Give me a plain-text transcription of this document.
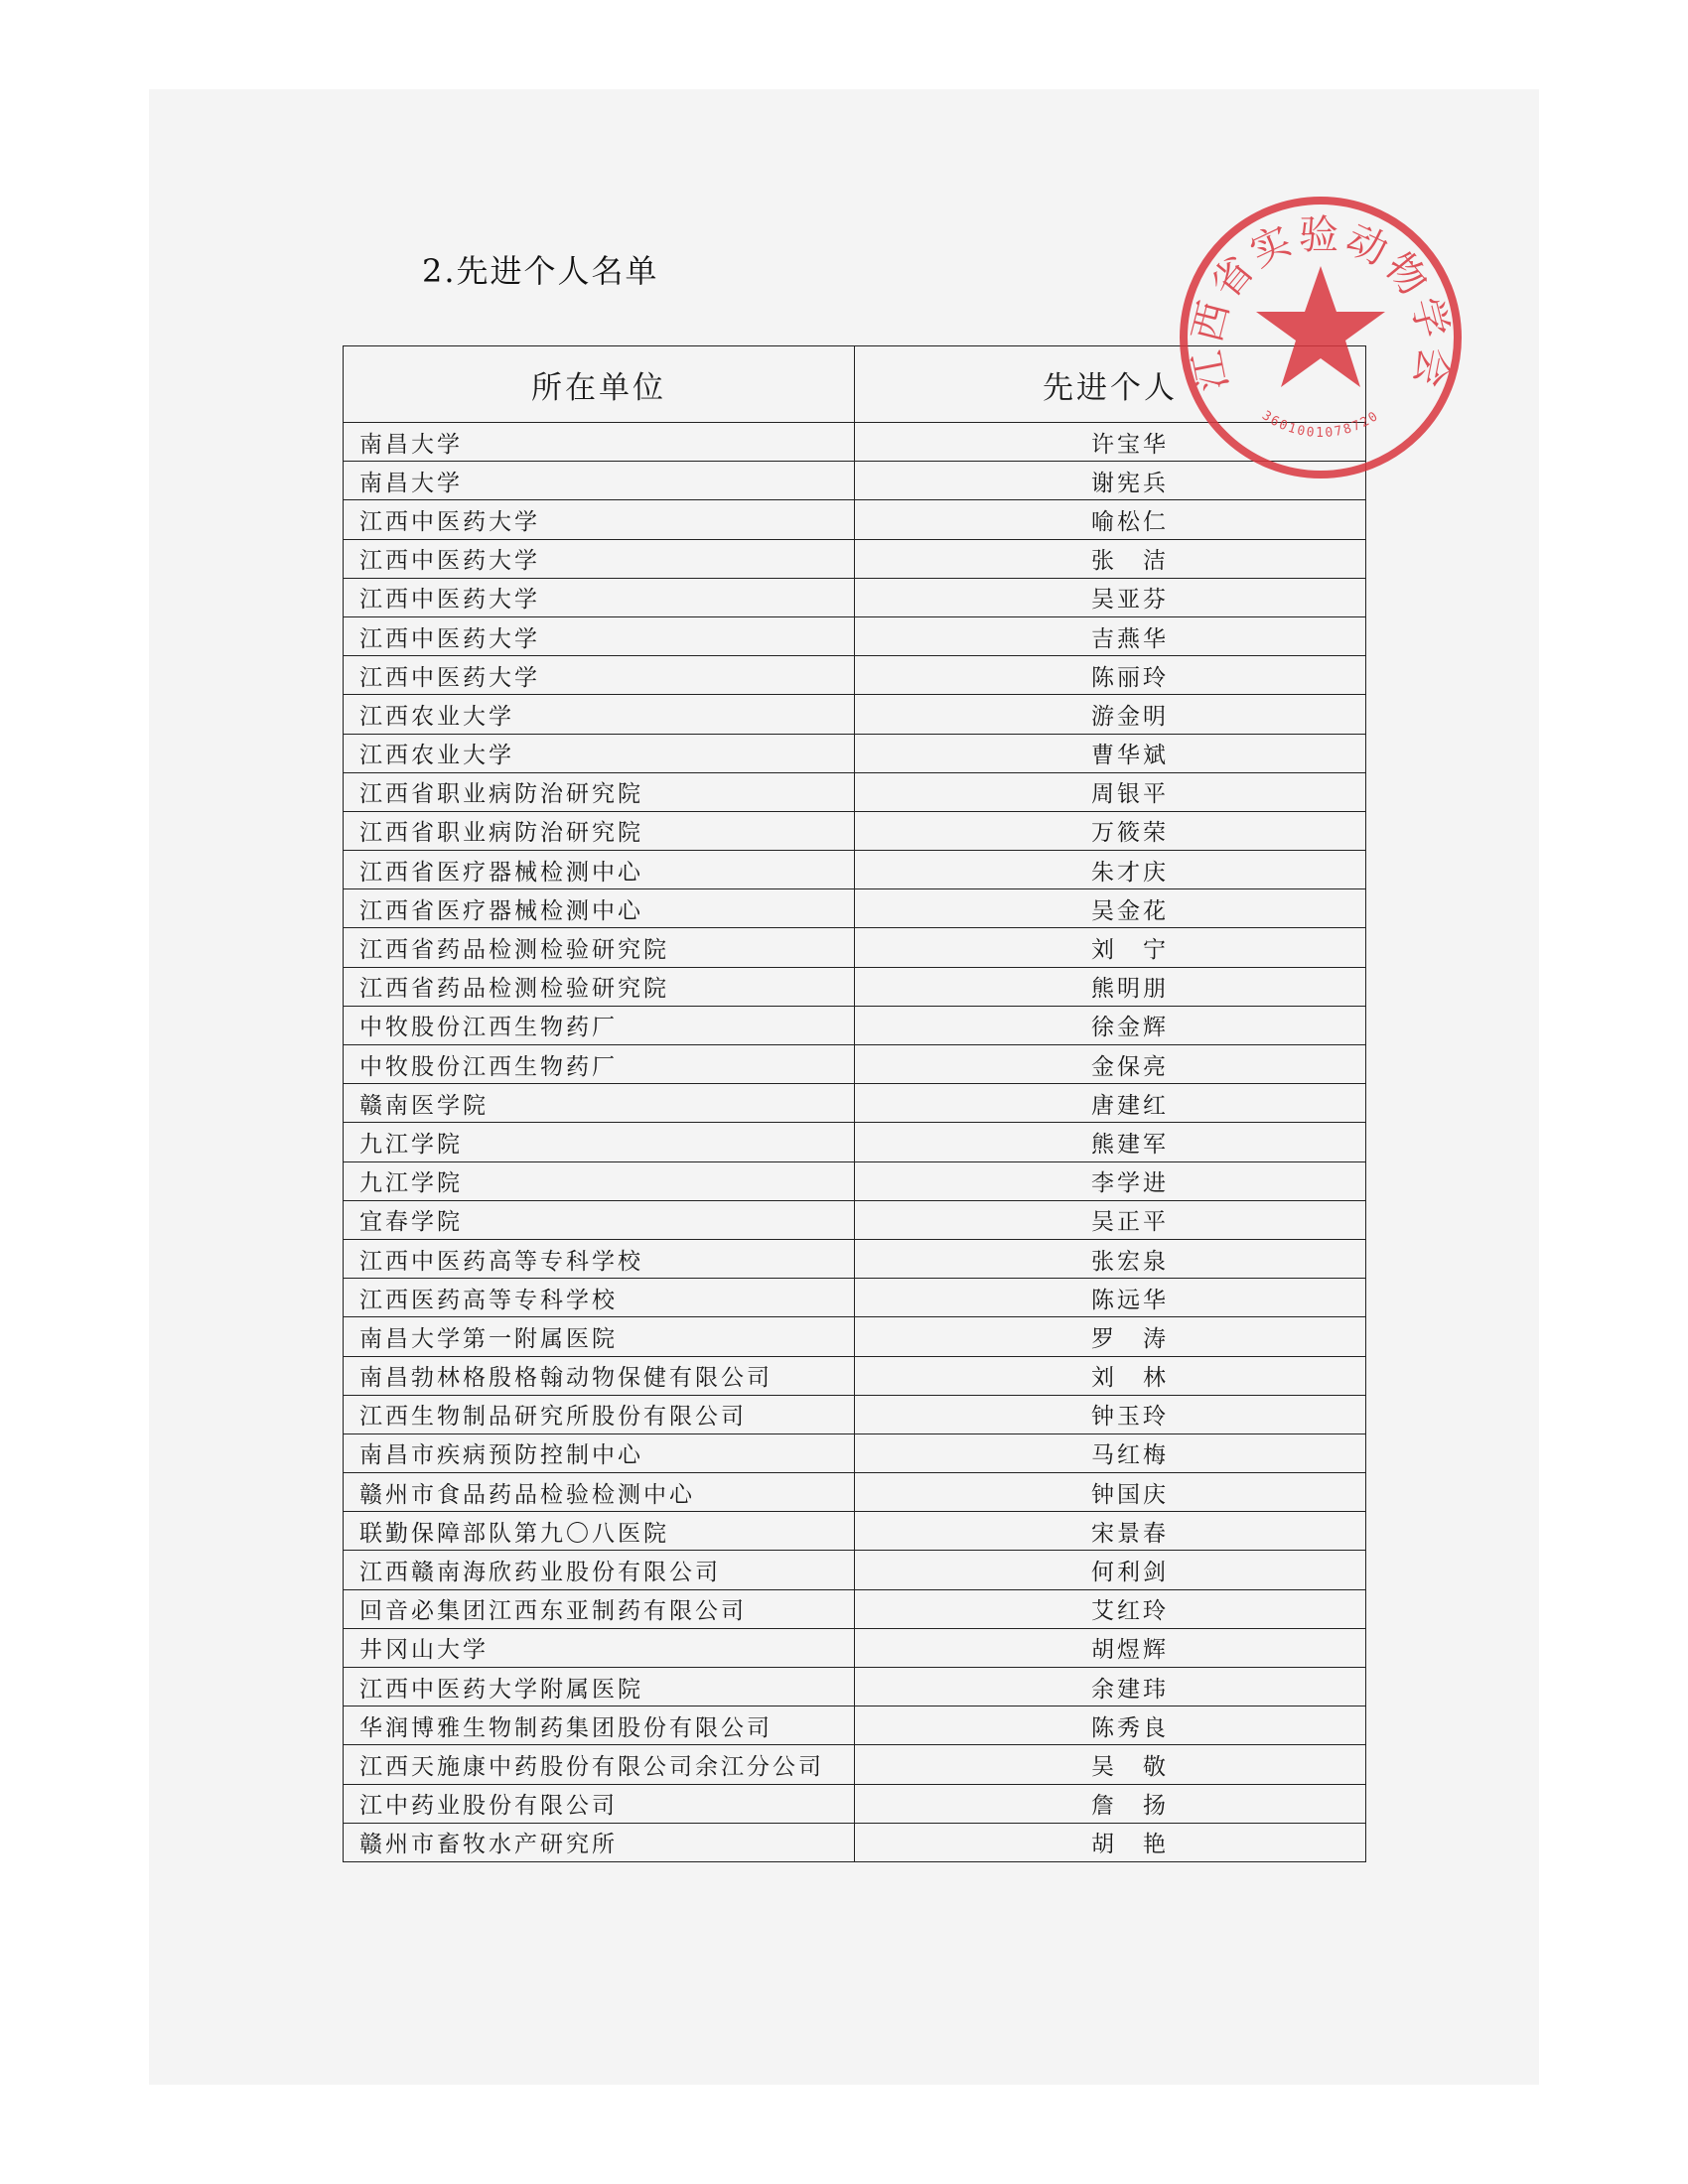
2.先进个人名单
所在单位	先进个人
南昌大学	许宝华
南昌大学	谢宪兵
江西中医药大学	喻松仁
江西中医药大学	张　洁
江西中医药大学	吴亚芬
江西中医药大学	吉燕华
江西中医药大学	陈丽玲
江西农业大学	游金明
江西农业大学	曹华斌
江西省职业病防治研究院	周银平
江西省职业病防治研究院	万筱荣
江西省医疗器械检测中心	朱才庆
江西省医疗器械检测中心	吴金花
江西省药品检测检验研究院	刘　宁
江西省药品检测检验研究院	熊明朋
中牧股份江西生物药厂	徐金辉
中牧股份江西生物药厂	金保亮
赣南医学院	唐建红
九江学院	熊建军
九江学院	李学进
宜春学院	吴正平
江西中医药高等专科学校	张宏泉
江西医药高等专科学校	陈远华
南昌大学第一附属医院	罗　涛
南昌勃林格殷格翰动物保健有限公司	刘　林
江西生物制品研究所股份有限公司	钟玉玲
南昌市疾病预防控制中心	马红梅
赣州市食品药品检验检测中心	钟国庆
联勤保障部队第九〇八医院	宋景春
江西赣南海欣药业股份有限公司	何利剑
回音必集团江西东亚制药有限公司	艾红玲
井冈山大学	胡煜辉
江西中医药大学附属医院	余建玮
华润博雅生物制药集团股份有限公司	陈秀良
江西天施康中药股份有限公司余江分公司	吴　敬
江中药业股份有限公司	詹　扬
赣州市畜牧水产研究所	胡　艳
江西省实验动物学会
3601001078720
